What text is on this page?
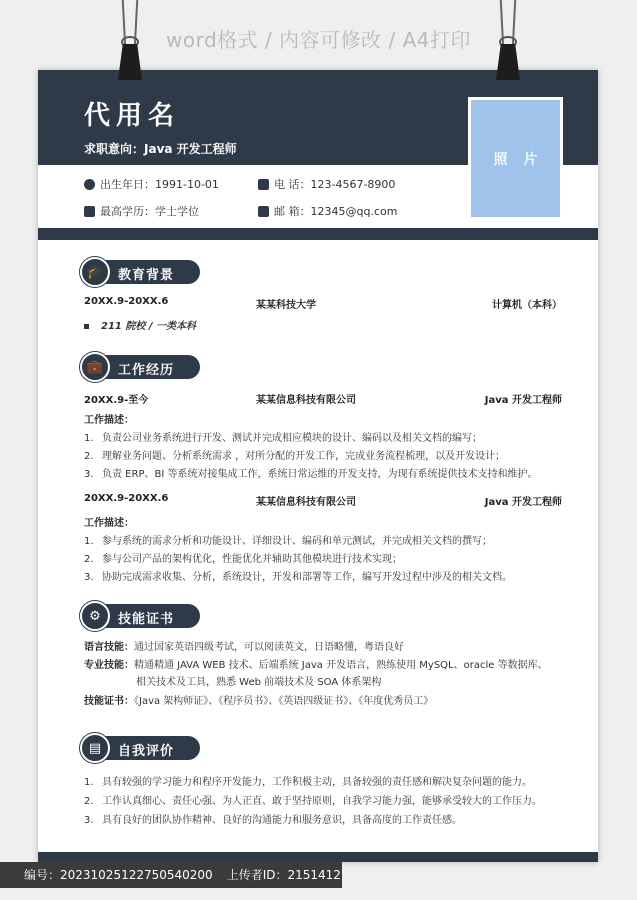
word格式 / 内容可修改 / A4打印
代用名
求职意向：Java 开发工程师
照片
出生年日：1991-10-01	电 话：123-4567-8900
最高学历：学士学位	邮 箱：12345@qq.com
🎓	教育背景
20XX.9-20XX.6	某某科技大学	计算机（本科）
211 院校 / 一类本科
💼	工作经历
20XX.9-至今	某某信息科技有限公司	Java 开发工程师
工作描述：
1. 负责公司业务系统进行开发、测试并完成相应模块的设计、编码以及相关文档的编写；
2. 理解业务问题、分析系统需求 ，对所分配的开发工作，完成业务流程梳理，以及开发设计；
3. 负责 ERP、BI 等系统对接集成工作，系统日常运维的开发支持，为现有系统提供技术支持和维护。
20XX.9-20XX.6	某某信息科技有限公司	Java 开发工程师
工作描述：
1. 参与系统的需求分析和功能设计、详细设计、编码和单元测试，并完成相关文档的撰写；
2. 参与公司产品的架构优化，性能优化并辅助其他模块进行技术实现；
3. 协助完成需求收集、分析，系统设计，开发和部署等工作，编写开发过程中涉及的相关文档。
⚙	技能证书
语言技能：通过国家英语四级考试，可以阅读英文，日语略懂，粤语良好
专业技能：精通精通 JAVA WEB 技术、后端系统 Java 开发语言，熟练使用 MySQL、oracle 等数据库、
相关技术及工具，熟悉 Web 前端技术及 SOA 体系架构
技能证书：《Java 架构师证》、《程序员书》、《英语四级证书》、《年度优秀员工》
▤	自我评价
1. 具有较强的学习能力和程序开发能力，工作积极主动，具备较强的责任感和解决复杂问题的能力。
2. 工作认真细心、责任心强、为人正直、敢于坚持原则，自我学习能力强，能够承受较大的工作压力。
3. 具有良好的团队协作精神、良好的沟通能力和服务意识，具备高度的工作责任感。
编号：20231025122750540200 上传者ID：2151412
